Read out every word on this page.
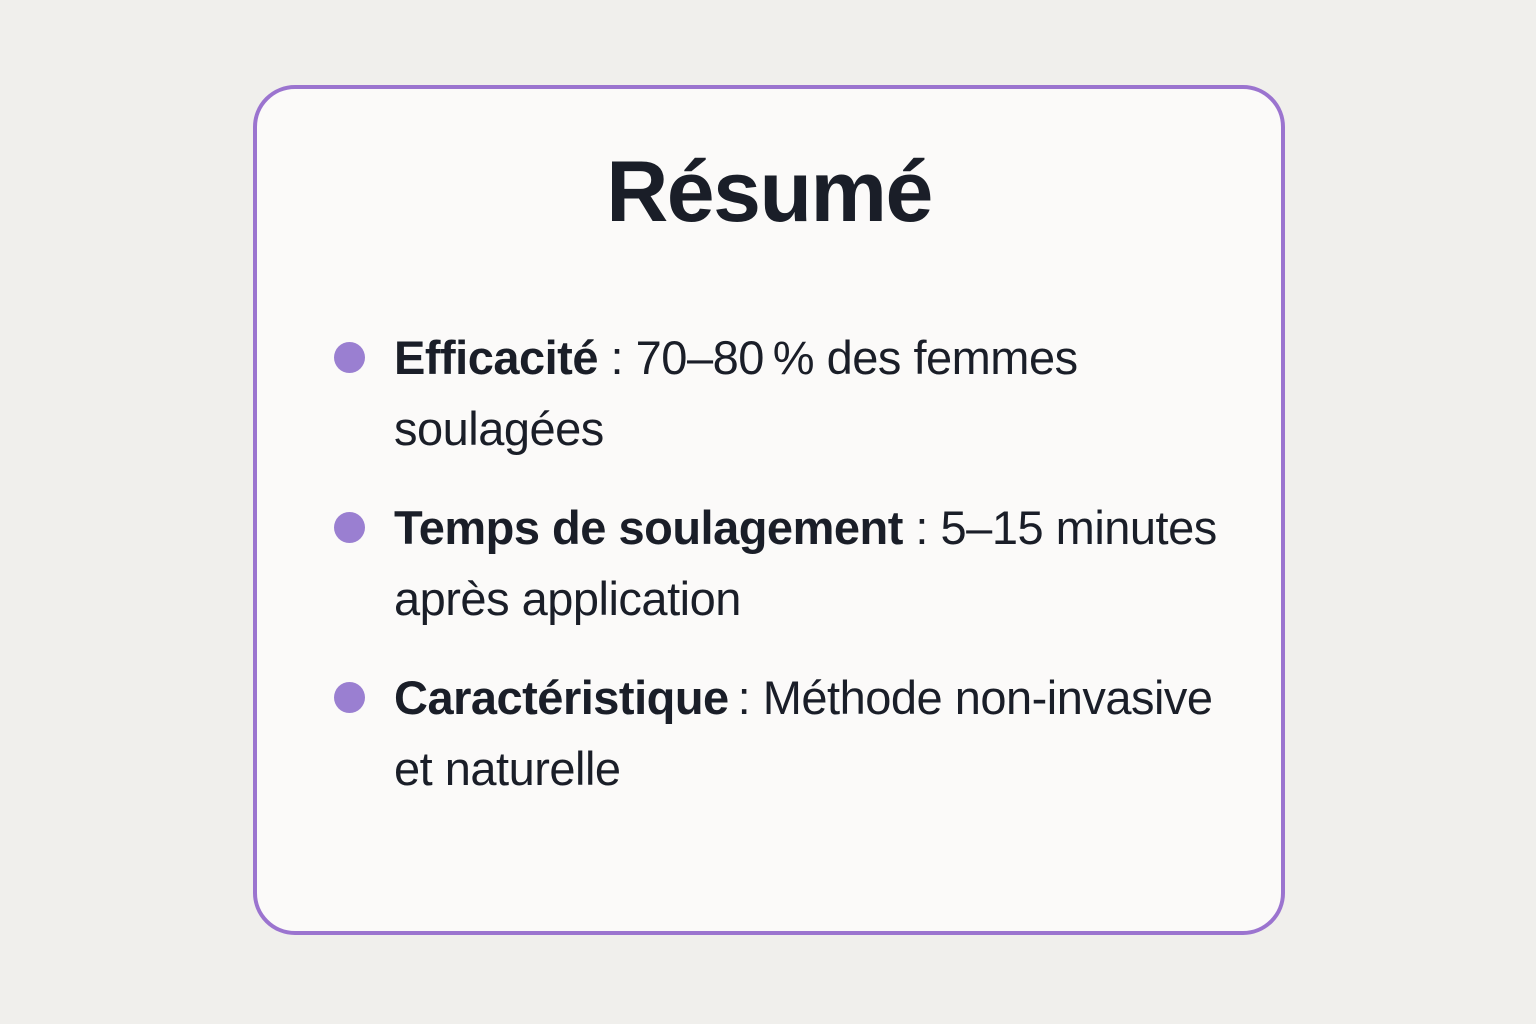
Résumé

Efficacité : 70–80 % des femmes soulagées

Temps de soulagement : 5–15 minutes après application

Caractéristique : Méthode non-invasive et naturelle
